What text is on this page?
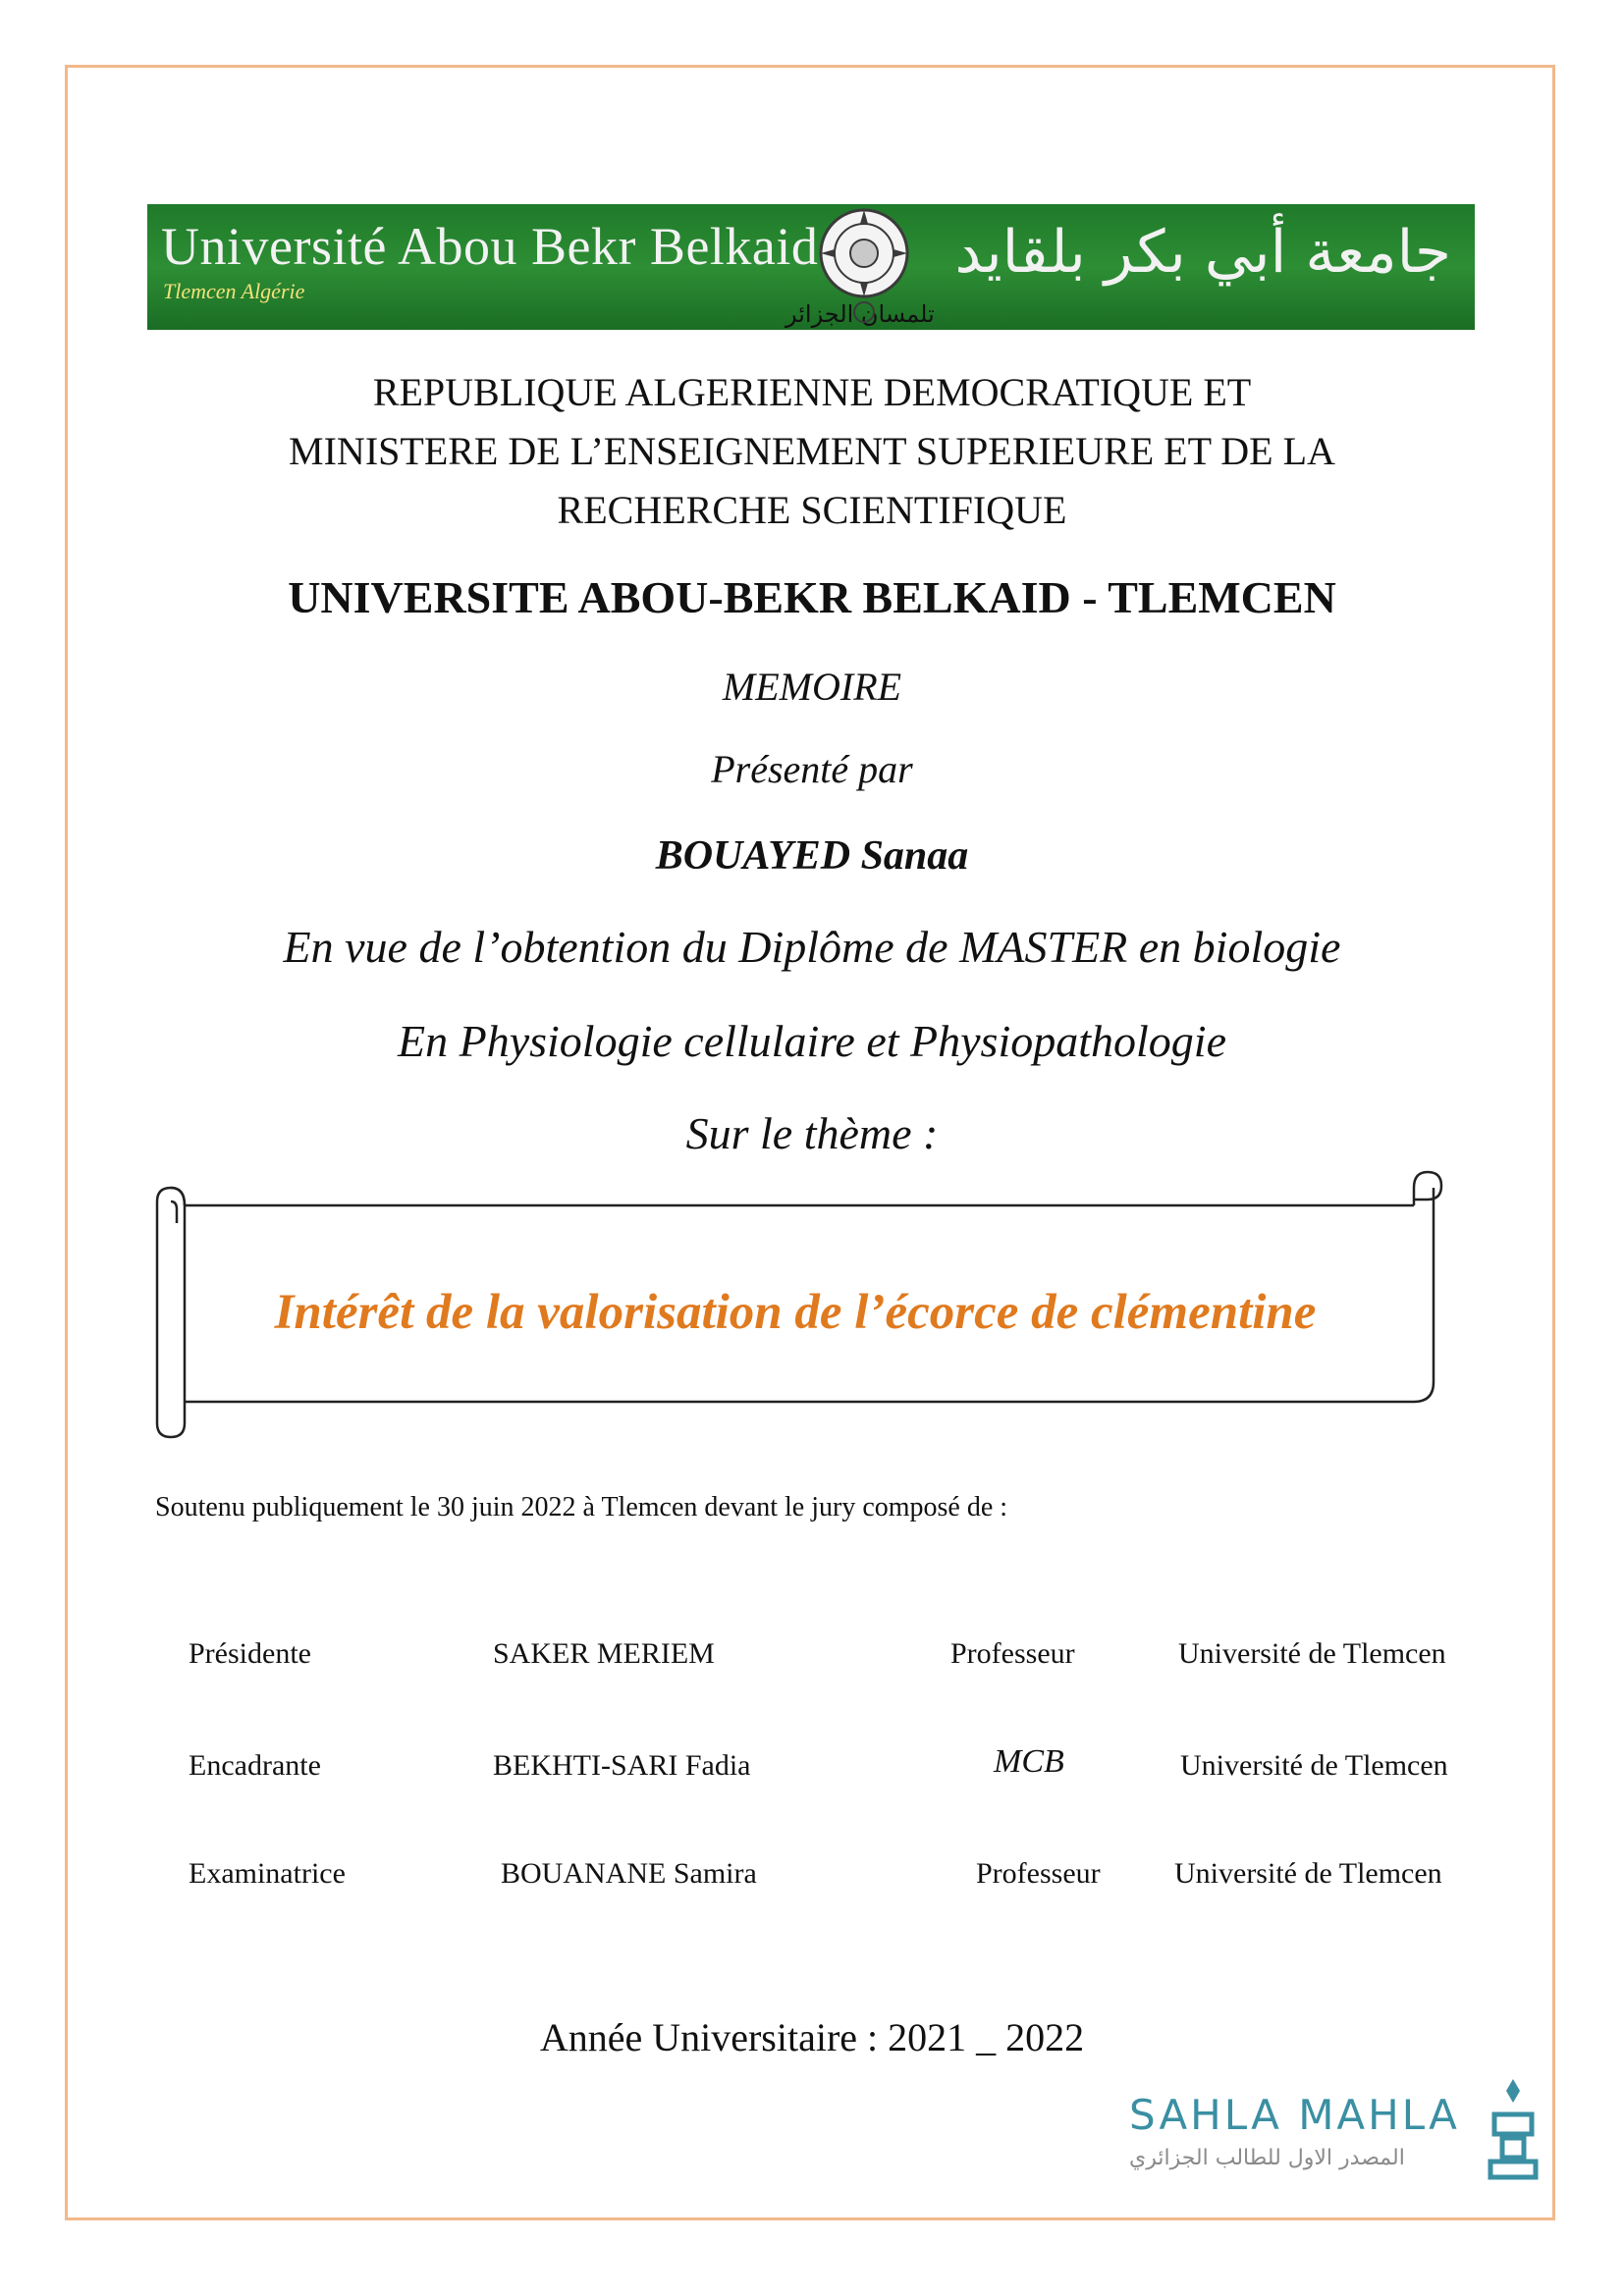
Université Abou Bekr Belkaid
Tlemcen Algérie
جامعة أبي بكر بلقايد
تلمسان الجزائر
REPUBLIQUE ALGERIENNE DEMOCRATIQUE ET
MINISTERE DE L’ENSEIGNEMENT SUPERIEURE ET DE LA
RECHERCHE SCIENTIFIQUE
UNIVERSITE ABOU-BEKR BELKAID - TLEMCEN
MEMOIRE
Présenté par
BOUAYED Sanaa
En vue de l’obtention du Diplôme de MASTER en biologie
En Physiologie cellulaire et Physiopathologie
Sur le thème :
Intérêt de la valorisation de l’écorce de clémentine
Soutenu publiquement le 30 juin 2022 à Tlemcen devant le jury composé de :
Présidente	SAKER MERIEM	Professeur	Université de Tlemcen
Encadrante	BEKHTI-SARI Fadia	MCB	Université de Tlemcen
Examinatrice	BOUANANE Samira	Professeur	Université de Tlemcen
Année Universitaire : 2021 _ 2022
SAHLA MAHLA
المصدر الاول للطالب الجزائري
